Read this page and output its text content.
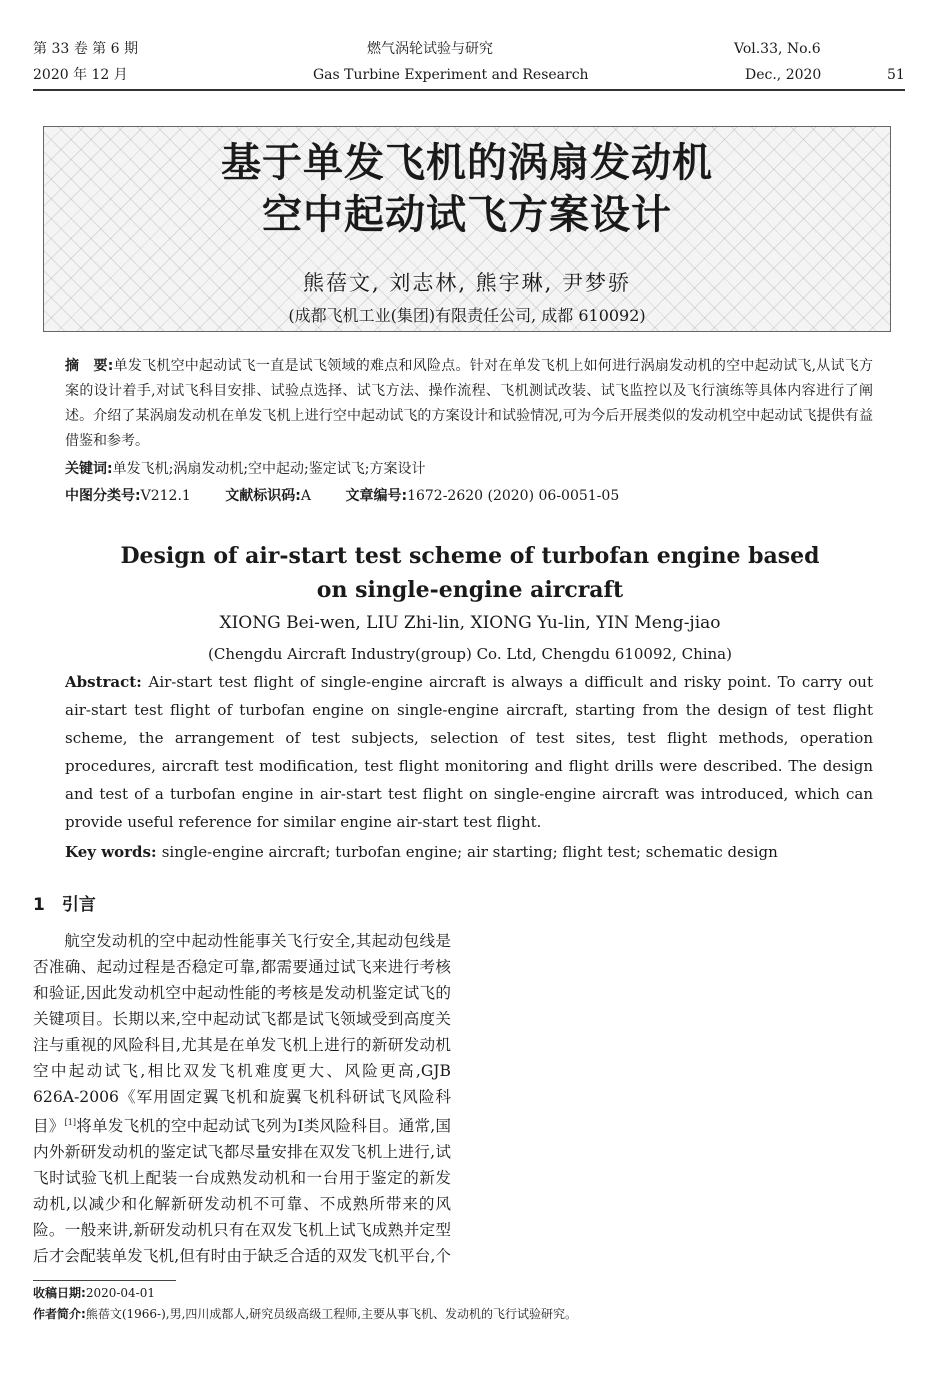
第 33 卷 第 6 期
2020 年 12 月
燃气涡轮试验与研究
Gas Turbine Experiment and Research
Vol.33, No.6
Dec., 2020	51
基于单发飞机的涡扇发动机
空中起动试飞方案设计
熊蓓文, 刘志林, 熊宇琳, 尹梦骄
(成都飞机工业(集团)有限责任公司, 成都 610092)
摘　要:单发飞机空中起动试飞一直是试飞领域的难点和风险点。针对在单发飞机上如何进行涡扇发动机的空中起动试飞,从试飞方案的设计着手,对试飞科目安排、试验点选择、试飞方法、操作流程、飞机测试改装、试飞监控以及飞行演练等具体内容进行了阐述。介绍了某涡扇发动机在单发飞机上进行空中起动试飞的方案设计和试验情况,可为今后开展类似的发动机空中起动试飞提供有益借鉴和参考。
关键词:单发飞机;涡扇发动机;空中起动;鉴定试飞;方案设计
中图分类号:V212.1 文献标识码:A 文章编号:1672-2620 (2020) 06-0051-05
Design of air-start test scheme of turbofan engine based
on single-engine aircraft
XIONG Bei-wen, LIU Zhi-lin, XIONG Yu-lin, YIN Meng-jiao
(Chengdu Aircraft Industry(group) Co. Ltd, Chengdu 610092, China)
Abstract: Air-start test flight of single-engine aircraft is always a difficult and risky point. To carry out air-start test flight of turbofan engine on single-engine aircraft, starting from the design of test flight scheme, the arrangement of test subjects, selection of test sites, test flight methods, operation procedures, aircraft test modification, test flight monitoring and flight drills were described. The design and test of a turbofan engine in air-start test flight on single-engine aircraft was introduced, which can provide useful reference for similar engine air-start test flight.
Key words: single-engine aircraft; turbofan engine; air starting; flight test; schematic design
1　引言

航空发动机的空中起动性能事关飞行安全,其起动包线是否准确、起动过程是否稳定可靠,都需要通过试飞来进行考核和验证,因此发动机空中起动性能的考核是发动机鉴定试飞的关键项目。长期以来,空中起动试飞都是试飞领域受到高度关注与重视的风险科目,尤其是在单发飞机上进行的新研发动机空中起动试飞,相比双发飞机难度更大、风险更高,GJB 626A-2006《军用固定翼飞机和旋翼飞机科研试飞风险科目》[1]将单发飞机的空中起动试飞列为Ⅰ类风险科目。通常,国内外新研发动机的鉴定试飞都尽量安排在双发飞机上进行,试飞时试验飞机上配装一台成熟发动机和一台用于鉴定的新发动机,以减少和化解新研发动机不可靠、不成熟所带来的风险。一般来讲,新研发动机只有在双发飞机上试飞成熟并定型后才会配装单发飞机,但有时由于缺乏合适的双发飞机平台,个

收稿日期:2020-04-01
作者简介:熊蓓文(1966-),男,四川成都人,研究员级高级工程师,主要从事飞机、发动机的飞行试验研究。
